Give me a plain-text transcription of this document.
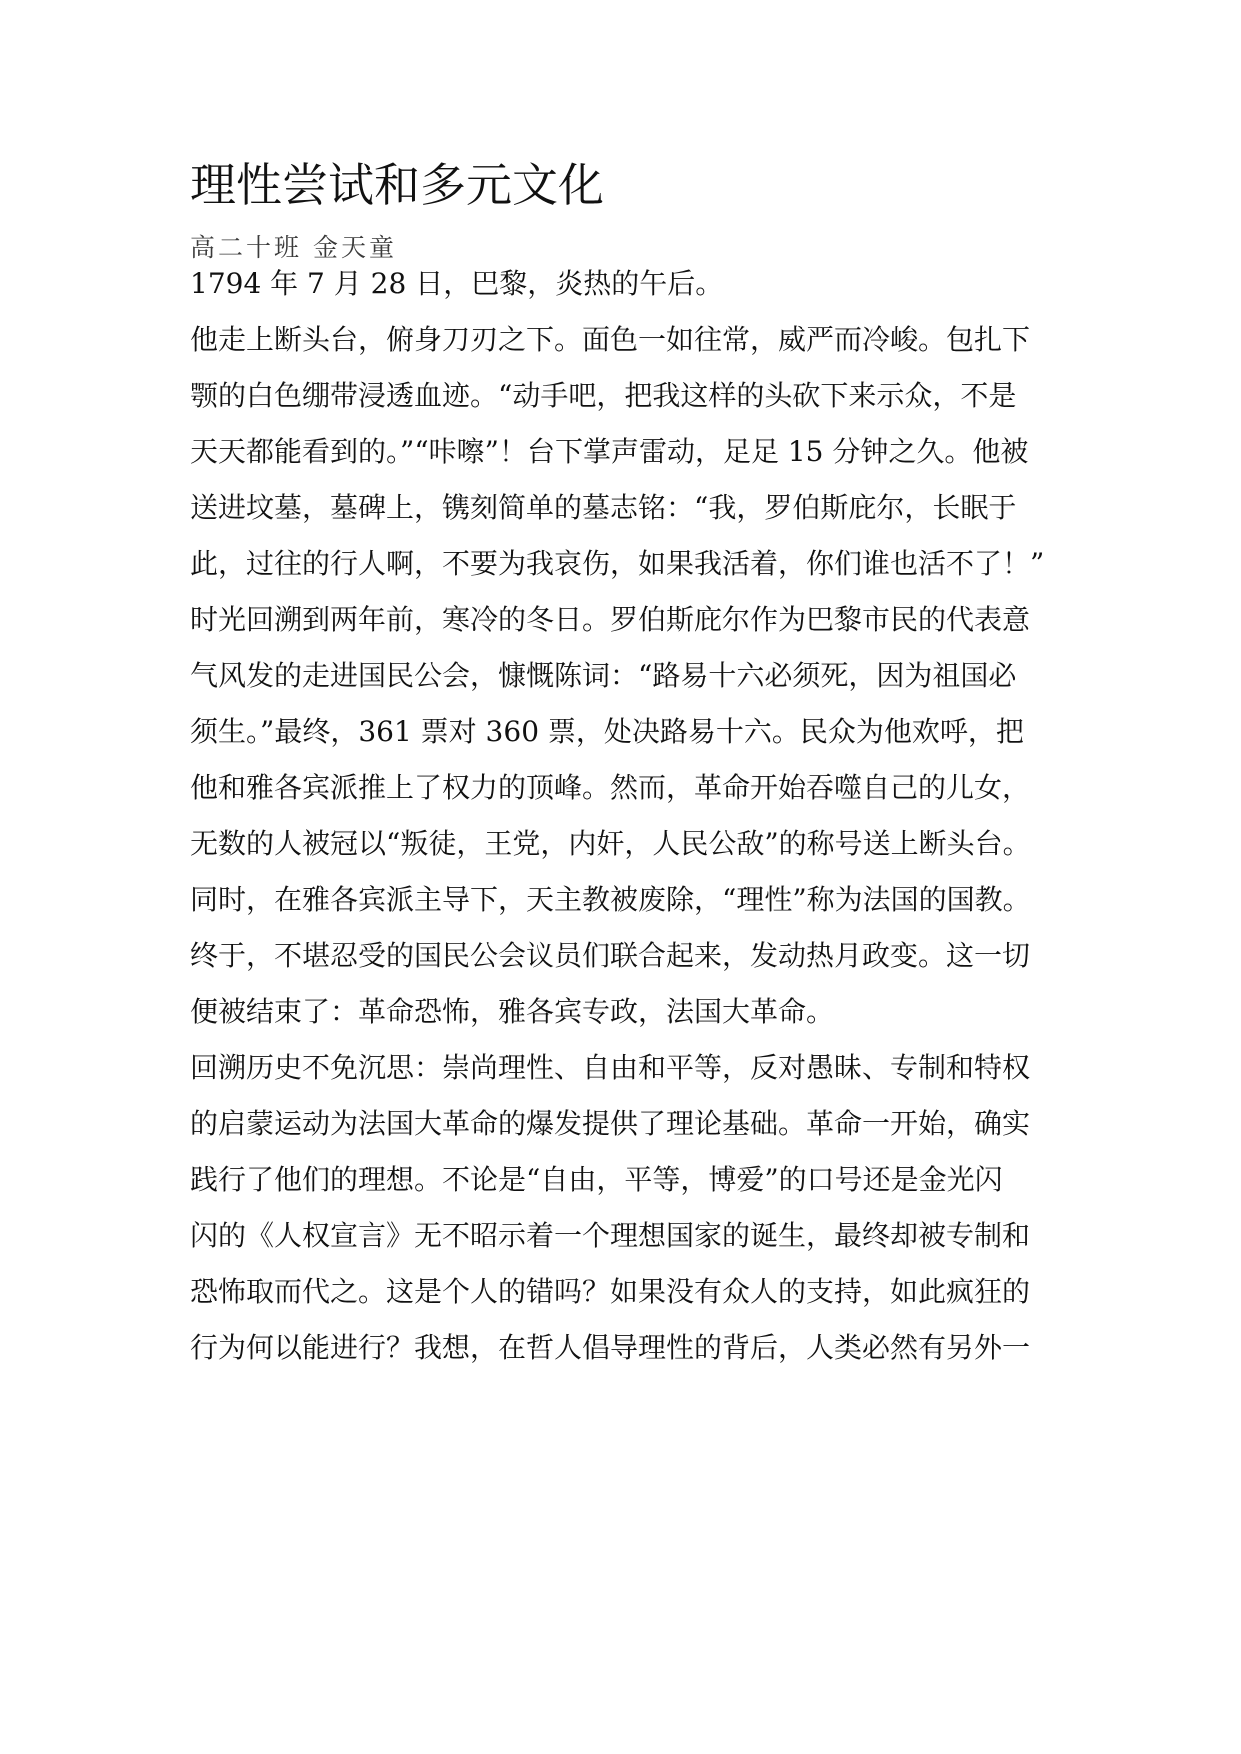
理性尝试和多元文化

高二十班 金天童

1794 年 7 月 28 日，巴黎，炎热的午后。

他走上断头台，俯身刀刃之下。面色一如往常，威严而冷峻。包扎下

颚的白色绷带浸透血迹。“动手吧，把我这样的头砍下来示众，不是

天天都能看到的。”“咔嚓”！台下掌声雷动，足足 15 分钟之久。他被

送进坟墓，墓碑上，镌刻简单的墓志铭：“我，罗伯斯庇尔，长眠于

此，过往的行人啊，不要为我哀伤，如果我活着，你们谁也活不了！”

时光回溯到两年前，寒冷的冬日。罗伯斯庇尔作为巴黎市民的代表意

气风发的走进国民公会，慷慨陈词：“路易十六必须死，因为祖国必

须生。”最终，361 票对 360 票，处决路易十六。民众为他欢呼，把

他和雅各宾派推上了权力的顶峰。然而，革命开始吞噬自己的儿女，

无数的人被冠以“叛徒，王党，内奸，人民公敌”的称号送上断头台。

同时，在雅各宾派主导下，天主教被废除，“理性”称为法国的国教。

终于，不堪忍受的国民公会议员们联合起来，发动热月政变。这一切

便被结束了：革命恐怖，雅各宾专政，法国大革命。

回溯历史不免沉思：崇尚理性、自由和平等，反对愚昧、专制和特权

的启蒙运动为法国大革命的爆发提供了理论基础。革命一开始，确实

践行了他们的理想。不论是“自由，平等，博爱”的口号还是金光闪

闪的《人权宣言》无不昭示着一个理想国家的诞生，最终却被专制和

恐怖取而代之。这是个人的错吗？如果没有众人的支持，如此疯狂的

行为何以能进行？我想，在哲人倡导理性的背后，人类必然有另外一
